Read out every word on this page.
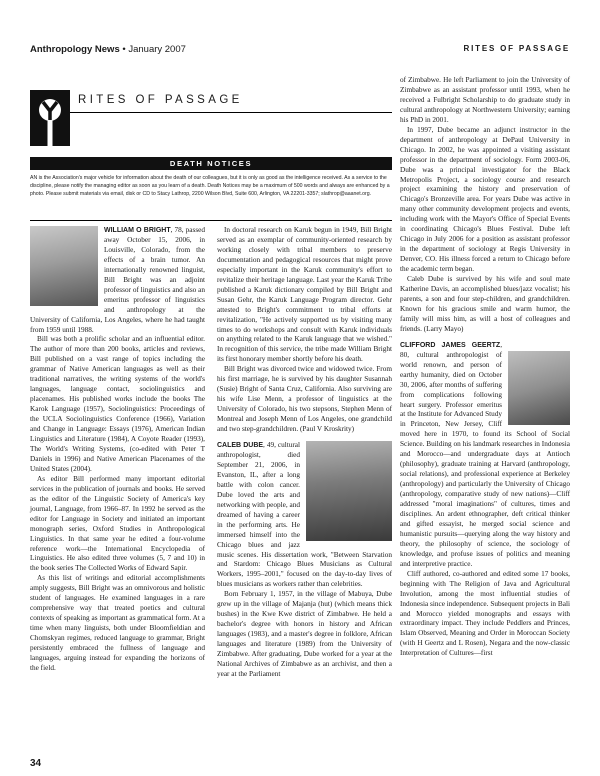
Anthropology News • January 2007	RITES OF PASSAGE
RITES OF PASSAGE
DEATH NOTICES
AN is the Association's major vehicle for information about the death of our colleagues, but it is only as good as the intelligence received. As a service to the discipline, please notify the managing editor as soon as you learn of a death. Death Notices may be a maximum of 500 words and always are enhanced by a photo. Please submit materials via email, disk or CD to Stacy Lathrop, 2200 Wilson Blvd, Suite 600, Arlington, VA 22201-3357; slathrop@aaanet.org.

WILLIAM O BRIGHT, 78, passed away October 15, 2006, in Louisville, Colorado, from the effects of a brain tumor. An internationally renowned linguist, Bill Bright was an adjoint professor of linguistics and also an emeritus professor of linguistics and anthropology at the University of California, Los Angeles, where he had taught from 1959 until 1988.

Bill was both a prolific scholar and an influential editor. The author of more than 200 books, articles and reviews, Bill published on a vast range of topics including the grammar of Native American languages as well as their traditional narratives, the writing systems of the world's languages, language contact, sociolinguistics and placenames. His published works include the books The Karok Language (1957), Sociolinguistics: Proceedings of the UCLA Sociolinguistics Conference (1966), Variation and Change in Language: Essays (1976), American Indian Linguistics and Literature (1984), A Coyote Reader (1993), The World's Writing Systems, (co-edited with Peter T Daniels in 1996) and Native American Placenames of the United States (2004).

As editor Bill performed many important editorial services in the publication of journals and books. He served as the editor of the Linguistic Society of America's key journal, Language, from 1966–87. In 1992 he served as the editor for Language in Society and initiated an important monograph series, Oxford Studies in Anthropological Linguistics. In that same year he edited a four-volume reference work—the International Encyclopedia of Linguistics. He also edited three volumes (5, 7 and 10) in the book series The Collected Works of Edward Sapir.

As this list of writings and editorial accomplishments amply suggests, Bill Bright was an omnivorous and holistic student of languages. He examined languages in a rare comprehensive way that treated poetics and cultural contexts of speaking as important as grammatical form. At a time when many linguists, both under Bloomfieldian and Chomskyan regimes, reduced language to grammar, Bright persistently embraced the fullness of language and languages, arguing instead for expanding the horizons of the field.

In doctoral research on Karuk begun in 1949, Bill Bright served as an exemplar of community-oriented research by working closely with tribal members to preserve documentation and pedagogical resources that might prove especially important in the Karuk community's effort to revitalize their heritage language. Last year the Karuk Tribe published a Karuk dictionary compiled by Bill Bright and Susan Gehr, the Karuk Language Program director. Gehr attested to Bright's commitment to tribal efforts at revitalization, "He actively supported us by visiting many times to do workshops and consult with Karuk individuals on anything related to the Karuk language that we wished." In recognition of this service, the tribe made William Bright its first honorary member shortly before his death.

Bill Bright was divorced twice and widowed twice. From his first marriage, he is survived by his daughter Susannah (Susie) Bright of Santa Cruz, California. Also surviving are his wife Lise Menn, a professor of linguistics at the University of Colorado, his two stepsons, Stephen Menn of Montreal and Joseph Menn of Los Angeles, one grandchild and two step-grandchildren. (Paul V Kroskrity)

CALEB DUBE, 49, cultural anthropologist, died September 21, 2006, in Evanston, IL, after a long battle with colon cancer. Dube loved the arts and networking with people, and dreamed of having a career in the performing arts. He immersed himself into the Chicago blues and jazz music scenes. His dissertation work, "Between Starvation and Stardom: Chicago Blues Musicians as Cultural Workers, 1995–2001," focused on the day-to-day lives of blues musicians as workers rather than celebrities.

Born February 1, 1957, in the village of Mabuya, Dube grew up in the village of Majanja (hut) (which means thick bushes) in the Kwe Kwe district of Zimbabwe. He held a bachelor's degree with honors in history and African languages (1983), and a master's degree in folklore, African languages and literature (1989) from the University of Zimbabwe. After graduating, Dube worked for a year at the National Archives of Zimbabwe as an archivist, and then a year at the Parliament

of Zimbabwe. He left Parliament to join the University of Zimbabwe as an assistant professor until 1993, when he received a Fulbright Scholarship to do graduate study in cultural anthropology at Northwestern University; earning his PhD in 2001.

In 1997, Dube became an adjunct instructor in the department of anthropology at DePaul University in Chicago. In 2002, he was appointed a visiting assistant professor in the department of sociology. Form 2003-06, Dube was a principal investigator for the Black Metropolis Project, a sociology course and research project examining the history and preservation of Chicago's Bronzeville area. For years Dube was active in many other community development projects and events, including work with the Mayor's Office of Special Events in coordinating Chicago's Blues Festival. Dube left Chicago in July 2006 for a position as assistant professor in the department of sociology at Regis University in Denver, CO. His illness forced a return to Chicago before the academic term began.

Caleb Dube is survived by his wife and soul mate Katherine Davis, an accomplished blues/jazz vocalist; his parents, a son and four step-children, and grandchildren. Known for his gracious smile and warm humor, the family will miss him, as will a host of colleagues and friends. (Larry Mayo)

CLIFFORD JAMES GEERTZ, 80, cultural anthropologist of world renown, and person of earthy humanity, died on October 30, 2006, after months of suffering from complications following heart surgery. Professor emeritus at the Institute for Advanced Study in Princeton, New Jersey, Cliff moved here in 1970, to found its School of Social Science. Building on his landmark researches in Indonesia and Morocco—and undergraduate days at Antioch (philosophy), graduate training at Harvard (anthropology, social relations), and professional experience at Berkeley (anthropology) and particularly the University of Chicago (anthropology, comparative study of new nations)—Cliff addressed "moral imaginations" of cultures, times and disciplines. An ardent ethnographer, deft critical thinker and gifted essayist, he merged social science and humanistic pursuits—querying along the way history and theory, the philosophy of science, the sociology of knowledge, and profuse issues of politics and meaning and interpretive practice.

Cliff authored, co-authored and edited some 17 books, beginning with The Religion of Java and Agricultural Involution, among the most influential studies of Indonesia since independence. Subsequent projects in Bali and Morocco yielded monographs and essays with extraordinary impact. They include Peddlers and Princes, Islam Observed, Meaning and Order in Moroccan Society (with H Geertz and L Rosen), Negara and the now-classic Interpretation of Cultures—first

34
